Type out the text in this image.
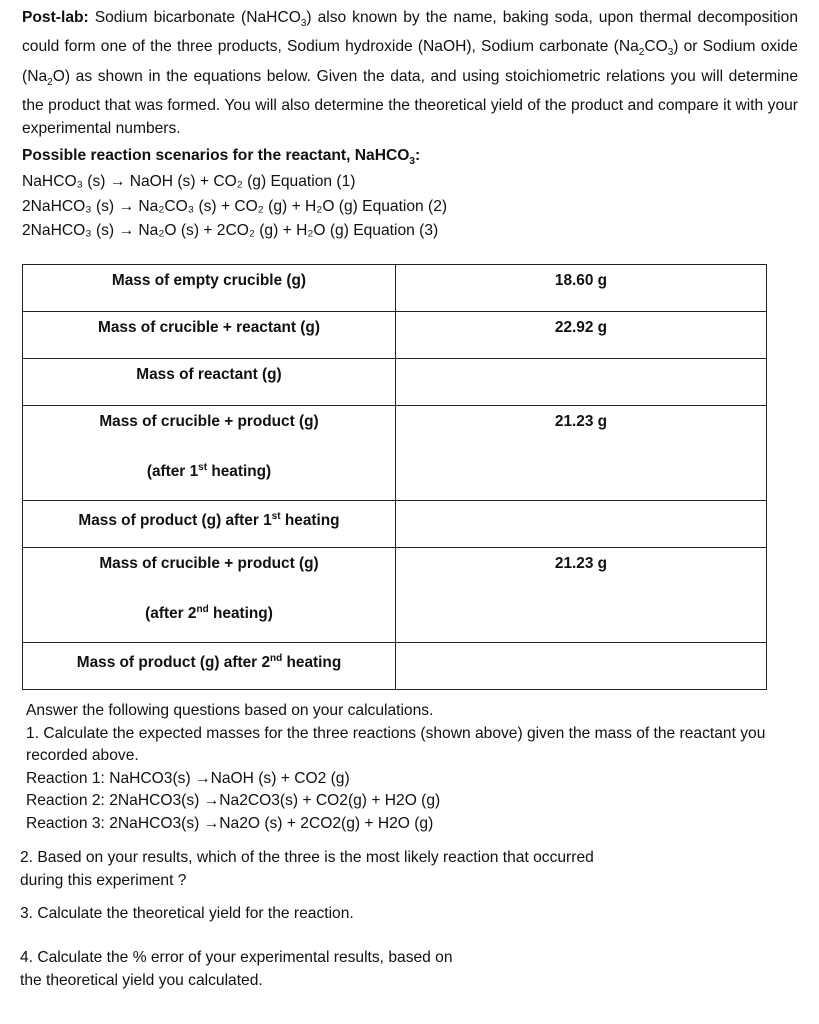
Post-lab: Sodium bicarbonate (NaHCO$_3$) also known by the name, baking soda, upon thermal decomposition could form one of the three products, Sodium hydroxide (NaOH), Sodium carbonate $(Na_2CO_3)$ or Sodium oxide $(Na_2O)$ as shown in the equations below. Given the data, and using stoichiometric relations you will determine the product that was formed. You will also determine the theoretical yield of the product and compare it with your experimental numbers.
Possible reaction scenarios for the reactant, NaHCO$_3$:
NaHCO₃ (s) → NaOH (s) + CO₂ (g) Equation (1)
2NaHCO₃ (s) → Na₂CO₃ (s) + CO₂ (g) + H₂O (g) Equation (2)
2NaHCO₃ (s) → Na₂O (s) + 2CO₂ (g) + H₂O (g) Equation (3)
Mass of empty crucible (g)	18.60 g

Mass of crucible + reactant (g)	22.92 g

Mass of reactant (g)	

Mass of crucible + product (g)
(after 1st heating)	21.23 g

Mass of product (g) after 1st heating	

Mass of crucible + product (g)
(after 2nd heating)	21.23 g

Mass of product (g) after 2nd heating	

Answer the following questions based on your calculations.
1. Calculate the expected masses for the three reactions (shown above) given the mass of the reactant you recorded above.
Reaction 1: NaHCO3(s) →NaOH (s) + CO2 (g)
Reaction 2: 2NaHCO3(s) →Na2CO3(s) + CO2(g) + H2O (g)
Reaction 3: 2NaHCO3(s) →Na2O (s) + 2CO2(g) + H2O (g)
2. Based on your results, which of the three is the most likely reaction that occurred during this experiment ?
3. Calculate the theoretical yield for the reaction.
4. Calculate the % error of your experimental results, based on the theoretical yield you calculated.
